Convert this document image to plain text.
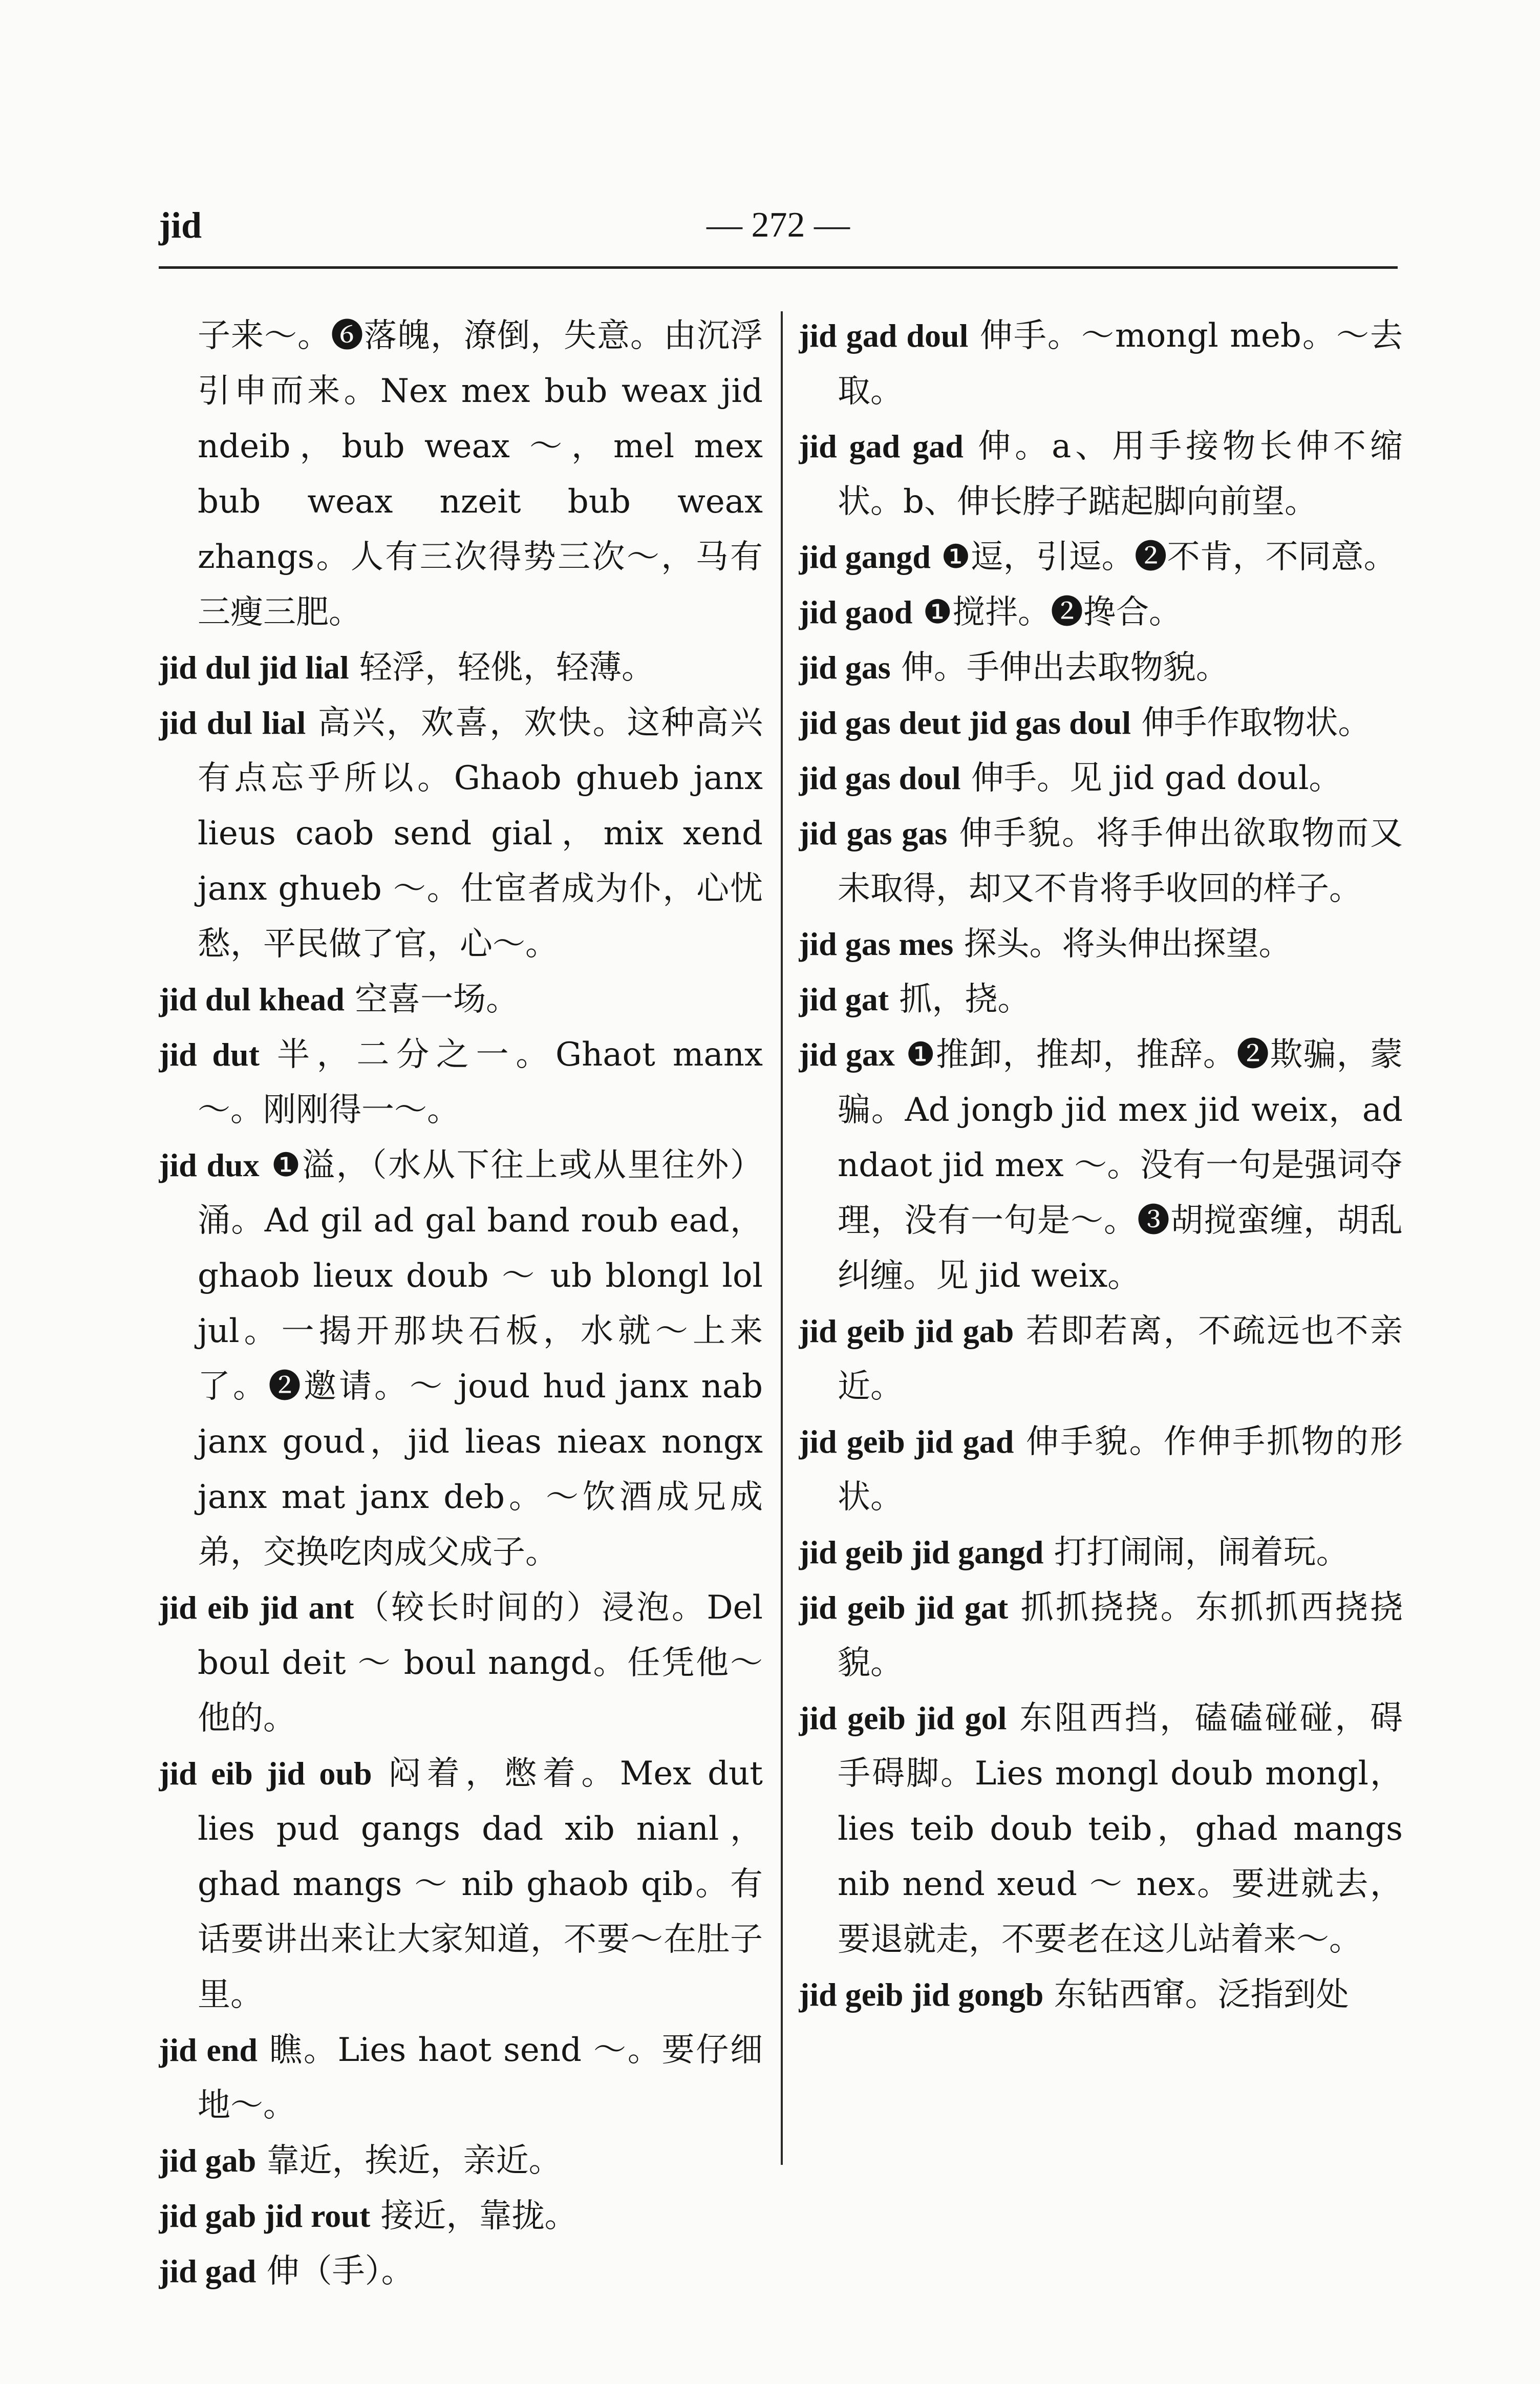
jid	— 272 —

子来～。❻落魄，潦倒，失意。由沉浮引申而来。Nex mex bub weax jid ndeib，bub weax ～，mel mex bub weax nzeit bub weax zhangs。人有三次得势三次～，马有三瘦三肥。

jid dul jid lial 轻浮，轻佻，轻薄。

jid dul lial 高兴，欢喜，欢快。这种高兴有点忘乎所以。Ghaob ghueb janx lieus caob send gial，mix xend janx ghueb ～。仕宦者成为仆，心忧愁，平民做了官，心～。

jid dul khead 空喜一场。

jid dut 半，二分之一。Ghaot manx ～。刚刚得一～。

jid dux ❶溢，（水从下往上或从里往外）涌。Ad gil ad gal band roub ead，ghaob lieux doub ～ ub blongl lol jul。一揭开那块石板，水就～上来了。❷邀请。～ joud hud janx nab janx goud，jid lieas nieax nongx janx mat janx deb。～饮酒成兄成弟，交换吃肉成父成子。

jid eib jid ant（较长时间的）浸泡。Del boul deit ～ boul nangd。任凭他～他的。

jid eib jid oub 闷着，憋着。Mex dut lies pud gangs dad xib nianl，ghad mangs ～ nib ghaob qib。有话要讲出来让大家知道，不要～在肚子里。

jid end 瞧。Lies haot send ～。要仔细地～。

jid gab 靠近，挨近，亲近。

jid gab jid rout 接近，靠拢。

jid gad 伸（手）。

jid gad doul 伸手。～mongl meb。～去取。

jid gad gad 伸。a、用手接物长伸不缩状。b、伸长脖子踮起脚向前望。

jid gangd ❶逗，引逗。❷不肯，不同意。

jid gaod ❶搅拌。❷搀合。

jid gas 伸。手伸出去取物貌。

jid gas deut jid gas doul 伸手作取物状。

jid gas doul 伸手。见 jid gad doul。

jid gas gas 伸手貌。将手伸出欲取物而又未取得，却又不肯将手收回的样子。

jid gas mes 探头。将头伸出探望。

jid gat 抓，挠。

jid gax ❶推卸，推却，推辞。❷欺骗，蒙骗。Ad jongb jid mex jid weix，ad ndaot jid mex ～。没有一句是强词夺理，没有一句是～。❸胡搅蛮缠，胡乱纠缠。见 jid weix。

jid geib jid gab 若即若离，不疏远也不亲近。

jid geib jid gad 伸手貌。作伸手抓物的形状。

jid geib jid gangd 打打闹闹，闹着玩。

jid geib jid gat 抓抓挠挠。东抓抓西挠挠貌。

jid geib jid gol 东阻西挡，磕磕碰碰，碍手碍脚。Lies mongl doub mongl，lies teib doub teib，ghad mangs nib nend xeud ～ nex。要进就去，要退就走，不要老在这儿站着来～。

jid geib jid gongb 东钻西窜。泛指到处
